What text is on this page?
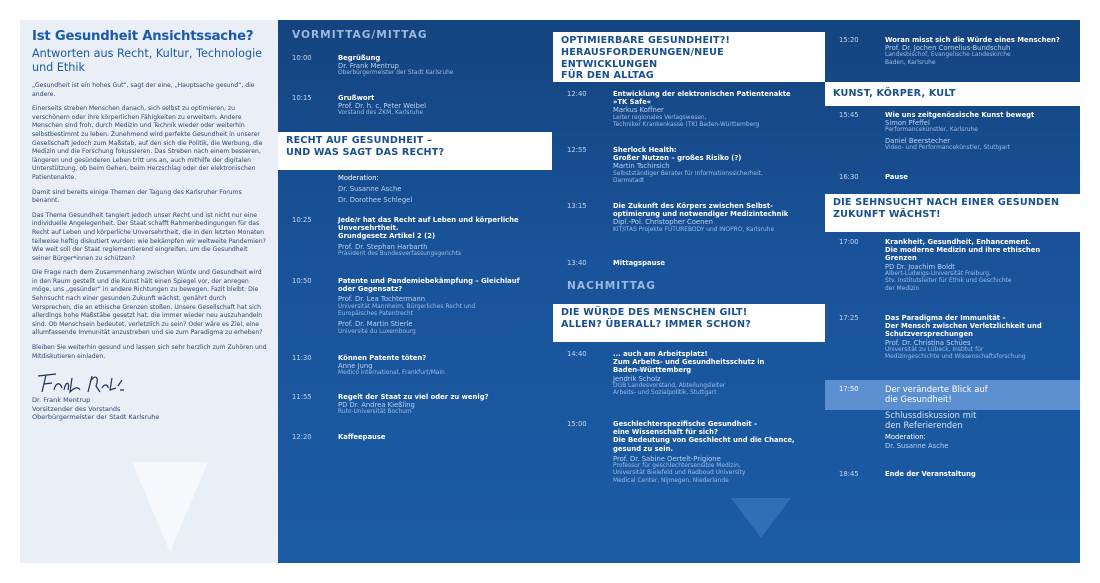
Ist Gesundheit Ansichtssache?
Antworten aus Recht, Kultur, Technologie und Ethik

„Gesundheit ist ein hohes Gut“, sagt der eine, „Hauptsache gesund“, die andere.

Einerseits streben Menschen danach, sich selbst zu optimieren, zu verschönern oder ihre körperlichen Fähigkeiten zu erweitern. Andere Menschen sind froh, durch Medizin und Technik wieder oder weiterhin selbstbestimmt zu leben. Zunehmend wird perfekte Gesundheit in unserer Gesellschaft jedoch zum Maßstab, auf den sich die Politik, die Werbung, die Medizin und die Forschung fokussieren. Das Streben nach einem besseren, längeren und gesünderen Leben tritt uns an, auch mithilfe der digitalen Unterstützung, ob beim Gehen, beim Herzschlag oder der elektronischen Patientenakte.

Damit sind bereits einige Themen der Tagung des Karlsruher Forums benannt.

Das Thema Gesundheit tangiert jedoch unser Recht und ist nicht nur eine individuelle Angelegenheit. Der Staat schafft Rahmenbedingungen für das Recht auf Leben und körperliche Unversehrtheit, die in den letzten Monaten teilweise heftig diskutiert wurden: wie bekämpfen wir weltweite Pandemien? Wie weit soll der Staat reglementierend eingreifen, um die Gesundheit seiner Bürger*innen zu schützen?

Die Frage nach dem Zusammenhang zwischen Würde und Gesundheit wird in den Raum gestellt und die Kunst hält einen Spiegel vor, der anregen möge, uns „gesünder“ in andere Richtungen zu bewegen. Fazit bleibt: Die Sehnsucht nach einer gesunden Zukunft wächst, genährt durch Versprechen, die an ethische Grenzen stoßen. Unsere Gesellschaft hat sich allerdings hohe Maßstäbe gesetzt hat, die immer wieder neu auszuhandeln sind. Ob Menschsein bedeutet, verletzlich zu sein? Oder wäre es Ziel, eine allumfassende Immunität anzustreben und sie zum Paradigma zu erheben?

Bleiben Sie weiterhin gesund und lassen sich sehr herzlich zum Zuhören und Mitdiskutieren einladen.

Dr. Frank Mentrup
Vorsitzender des Vorstands
Oberbürgermeister der Stadt Karlsruhe
VORMITTAG/MITTAG
10:00	Begrüßung
Dr. Frank Mentrup
Oberbürgermeister der Stadt Karlsruhe
10:15	Grußwort
Prof. Dr. h. c. Peter Weibel
Vorstand des ZKM, Karlsruhe
RECHT AUF GESUNDHEIT –
UND WAS SAGT DAS RECHT?
Moderation:
Dr. Susanne Asche
Dr. Dorothee Schlegel
10:25	Jede/r hat das Recht auf Leben und körperliche
Unversehrtheit.
Grundgesetz Artikel 2 (2)
Prof. Dr. Stephan Harbarth
Präsident des Bundesverfassungsgerichts
10:50	Patente und Pandemiebekämpfung – Gleichlauf
oder Gegensatz?
Prof. Dr. Lea Tochtermann
Universität Mannheim, Bürgerliches Recht und
Europäisches Patentrecht
Prof. Dr. Martin Stierle
Université du Luxembourg
11:30	Können Patente töten?
Anne Jung
Medico international, Frankfurt/Main
11:55	Regelt der Staat zu viel oder zu wenig?
PD Dr. Andrea Kießling
Ruhr-Universität Bochum
12:20	Kaffeepause
OPTIMIERBARE GESUNDHEIT?!
HERAUSFORDERUNGEN/NEUE ENTWICKLUNGEN
FÜR DEN ALLTAG
12:40	Entwicklung der elektronischen Patientenakte
»TK Safe«
Markus Koffner
Leiter regionales Verlagswesen,
Techniker Krankenkasse (TK) Baden-Württemberg
12:55	Sherlock Health:
Großer Nutzen – großes Risiko (?)
Martin Tschirsich
Selbstständiger Berater für Informationssicherheit,
Darmstadt
13:15	Die Zukunft des Körpers zwischen Selbst-
optimierung und notwendiger Medizintechnik
Dipl.-Pol. Christopher Coenen
KIT/ITAS Projekte FUTUREBODY und INOPRO, Karlsruhe
13:40	Mittagspause
NACHMITTAG
DIE WÜRDE DES MENSCHEN GILT!
ALLEN? ÜBERALL? IMMER SCHON?
14:40	... auch am Arbeitsplatz!
Zum Arbeits- und Gesundheitsschutz in
Baden-Württemberg
Jendrik Scholz
DGB Landesvorstand, Abteilungsleiter
Arbeits- und Sozialpolitik, Stuttgart
15:00	Geschlechterspezifische Gesundheit –
eine Wissenschaft für sich?
Die Bedeutung von Geschlecht und die Chance,
gesund zu sein.
Prof. Dr. Sabine Oertelt-Prigione
Professur für geschlechtersensible Medizin,
Universität Bielefeld und Radboud University
Medical Center, Nijmegen, Niederlande
15:20	Woran misst sich die Würde eines Menschen?
Prof. Dr. Jochen Cornelius-Bundschuh
Landesbischof, Evangelische Landeskirche
Baden, Karlsruhe
KUNST, KÖRPER, KULT
15:45	Wie uns zeitgenössische Kunst bewegt
Simon Pfeffel
Performancekünstler, Karlsruhe
Daniel Beerstecher
Video- und Performancekünstler, Stuttgart
16:30	Pause
DIE SEHNSUCHT NACH EINER GESUNDEN
ZUKUNFT WÄCHST!
17:00	Krankheit, Gesundheit, Enhancement.
Die moderne Medizin und ihre ethischen
Grenzen
PD Dr. Joachim Boldt
Albert-Ludwigs-Universität Freiburg,
Stv. Institutsleiter für Ethik und Geschichte
der Medizin
17:25	Das Paradigma der Immunität –
Der Mensch zwischen Verletzlichkeit und
Schutzversprechungen
Prof. Dr. Christina Schües
Universität zu Lübeck, Institut für
Medizingeschichte und Wissenschaftsforschung
17:50	Der veränderte Blick auf
die Gesundheit!
Schlussdiskussion mit
den Referierenden
Moderation:
Dr. Susanne Asche
18:45	Ende der Veranstaltung
